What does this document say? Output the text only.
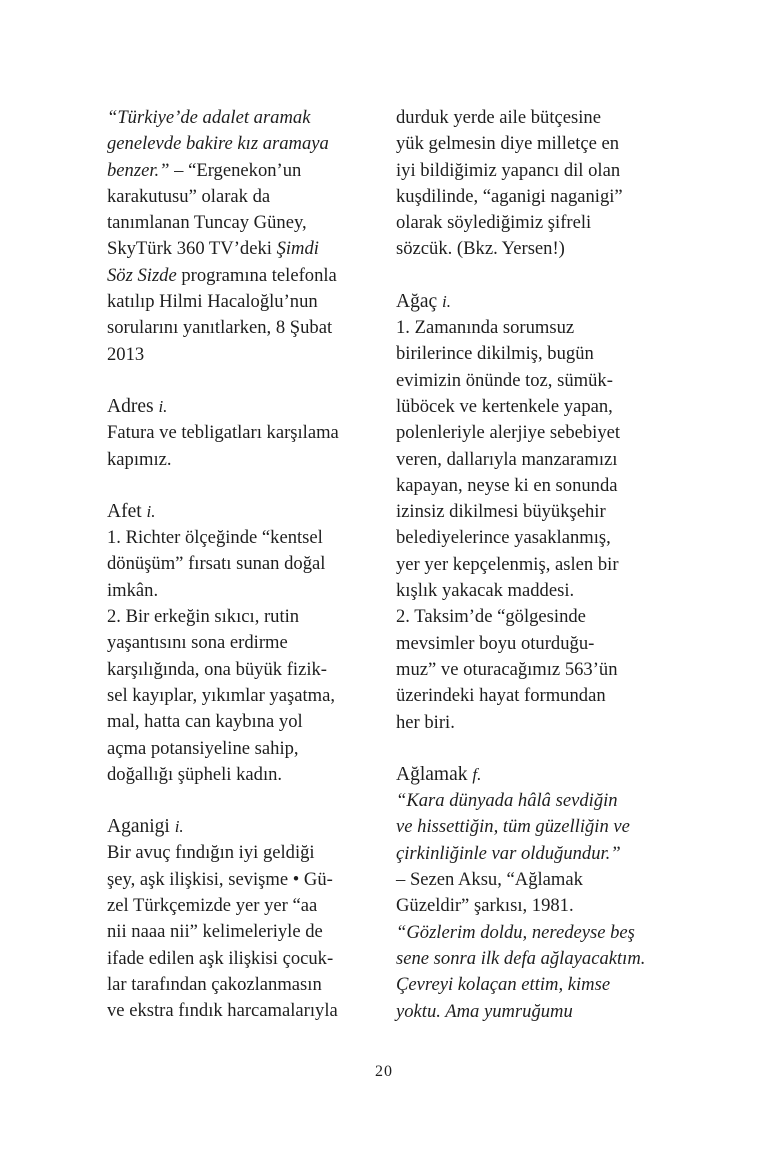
“Türkiye’de adalet aramak
genelevde bakire kız aramaya
benzer.” – “Ergenekon’un
karakutusu” olarak da
tanımlanan Tuncay Güney,
SkyTürk 360 TV’deki Şimdi
Söz Sizde programına telefonla
katılıp Hilmi Hacaloğlu’nun
sorularını yanıtlarken, 8 Şubat
2013
Adres i.
Fatura ve tebligatları karşılama
kapımız.
Afet i.
1. Richter ölçeğinde “kentsel
dönüşüm” fırsatı sunan doğal
imkân.
2. Bir erkeğin sıkıcı, rutin
yaşantısını sona erdirme
karşılığında, ona büyük fizik-
sel kayıplar, yıkımlar yaşatma,
mal, hatta can kaybına yol
açma potansiyeline sahip,
doğallığı şüpheli kadın.
Aganigi i.
Bir avuç fındığın iyi geldiği
şey, aşk ilişkisi, sevişme • Gü-
zel Türkçemizde yer yer “aa
nii naaa nii” kelimeleriyle de
ifade edilen aşk ilişkisi çocuk-
lar tarafından çakozlanmasın
ve ekstra fındık harcamalarıyla
durduk yerde aile bütçesine
yük gelmesin diye milletçe en
iyi bildiğimiz yapancı dil olan
kuşdilinde, “aganigi naganigi”
olarak söylediğimiz şifreli
sözcük. (Bkz. Yersen!)
Ağaç i.
1. Zamanında sorumsuz
birilerince dikilmiş, bugün
evimizin önünde toz, sümük-
lüböcek ve kertenkele yapan,
polenleriyle alerjiye sebebiyet
veren, dallarıyla manzaramızı
kapayan, neyse ki en sonunda
izinsiz dikilmesi büyükşehir
belediyelerince yasaklanmış,
yer yer kepçelenmiş, aslen bir
kışlık yakacak maddesi.
2. Taksim’de “gölgesinde
mevsimler boyu oturduğu-
muz” ve oturacağımız 563’ün
üzerindeki hayat formundan
her biri.
Ağlamak f.
“Kara dünyada hâlâ sevdiğin
ve hissettiğin, tüm güzelliğin ve
çirkinliğinle var olduğundur.”
– Sezen Aksu, “Ağlamak
Güzeldir” şarkısı, 1981.
“Gözlerim doldu, neredeyse beş
sene sonra ilk defa ağlayacaktım.
Çevreyi kolaçan ettim, kimse
yoktu. Ama yumruğumu
20
